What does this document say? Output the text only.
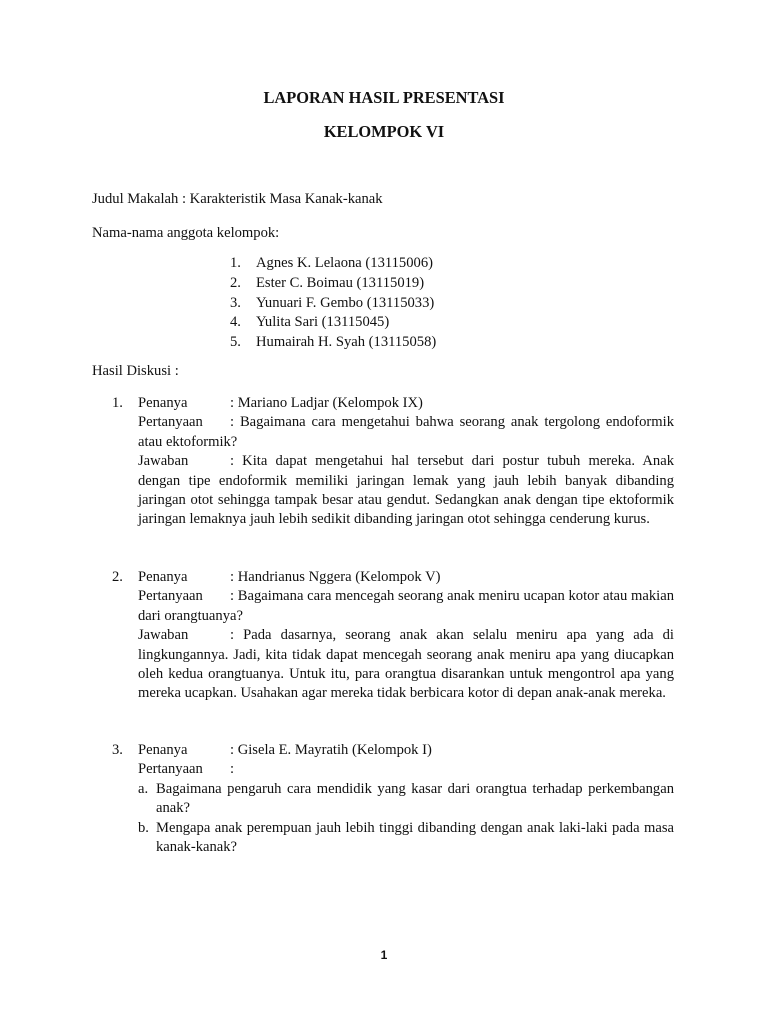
LAPORAN HASIL PRESENTASI
KELOMPOK VI
Judul Makalah : Karakteristik Masa Kanak-kanak
Nama-nama anggota kelompok:
1.	Agnes K. Lelaona (13115006)
2.	Ester C. Boimau (13115019)
3.	Yunuari F. Gembo (13115033)
4.	Yulita Sari (13115045)
5.	Humairah H. Syah (13115058)
Hasil Diskusi :
1.	Penanya	: Mariano Ladjar (Kelompok IX)

Pertanyaan : Bagaimana cara mengetahui bahwa seorang anak tergolong endoformik atau ektoformik?

Jawaban	: Kita dapat mengetahui hal tersebut dari postur tubuh mereka. Anak dengan tipe endoformik memiliki jaringan lemak yang jauh lebih banyak dibanding jaringan otot sehingga tampak besar atau gendut. Sedangkan anak dengan tipe ektoformik jaringan lemaknya jauh lebih sedikit dibanding jaringan otot sehingga cenderung kurus.

2.	Penanya	: Handrianus Nggera (Kelompok V)

Pertanyaan : Bagaimana cara mencegah seorang anak meniru ucapan kotor atau makian dari orangtuanya?

Jawaban	: Pada dasarnya, seorang anak akan selalu meniru apa yang ada di lingkungannya. Jadi, kita tidak dapat mencegah seorang anak meniru apa yang diucapkan oleh kedua orangtuanya. Untuk itu, para orangtua disarankan untuk mengontrol apa yang mereka ucapkan. Usahakan agar mereka tidak berbicara kotor di depan anak-anak mereka.

3.	Penanya	: Gisela E. Mayratih (Kelompok I)

Pertanyaan :

a. Bagaimana pengaruh cara mendidik yang kasar dari orangtua terhadap perkembangan anak?
b. Mengapa anak perempuan jauh lebih tinggi dibanding dengan anak laki-laki pada masa kanak-kanak?
1
